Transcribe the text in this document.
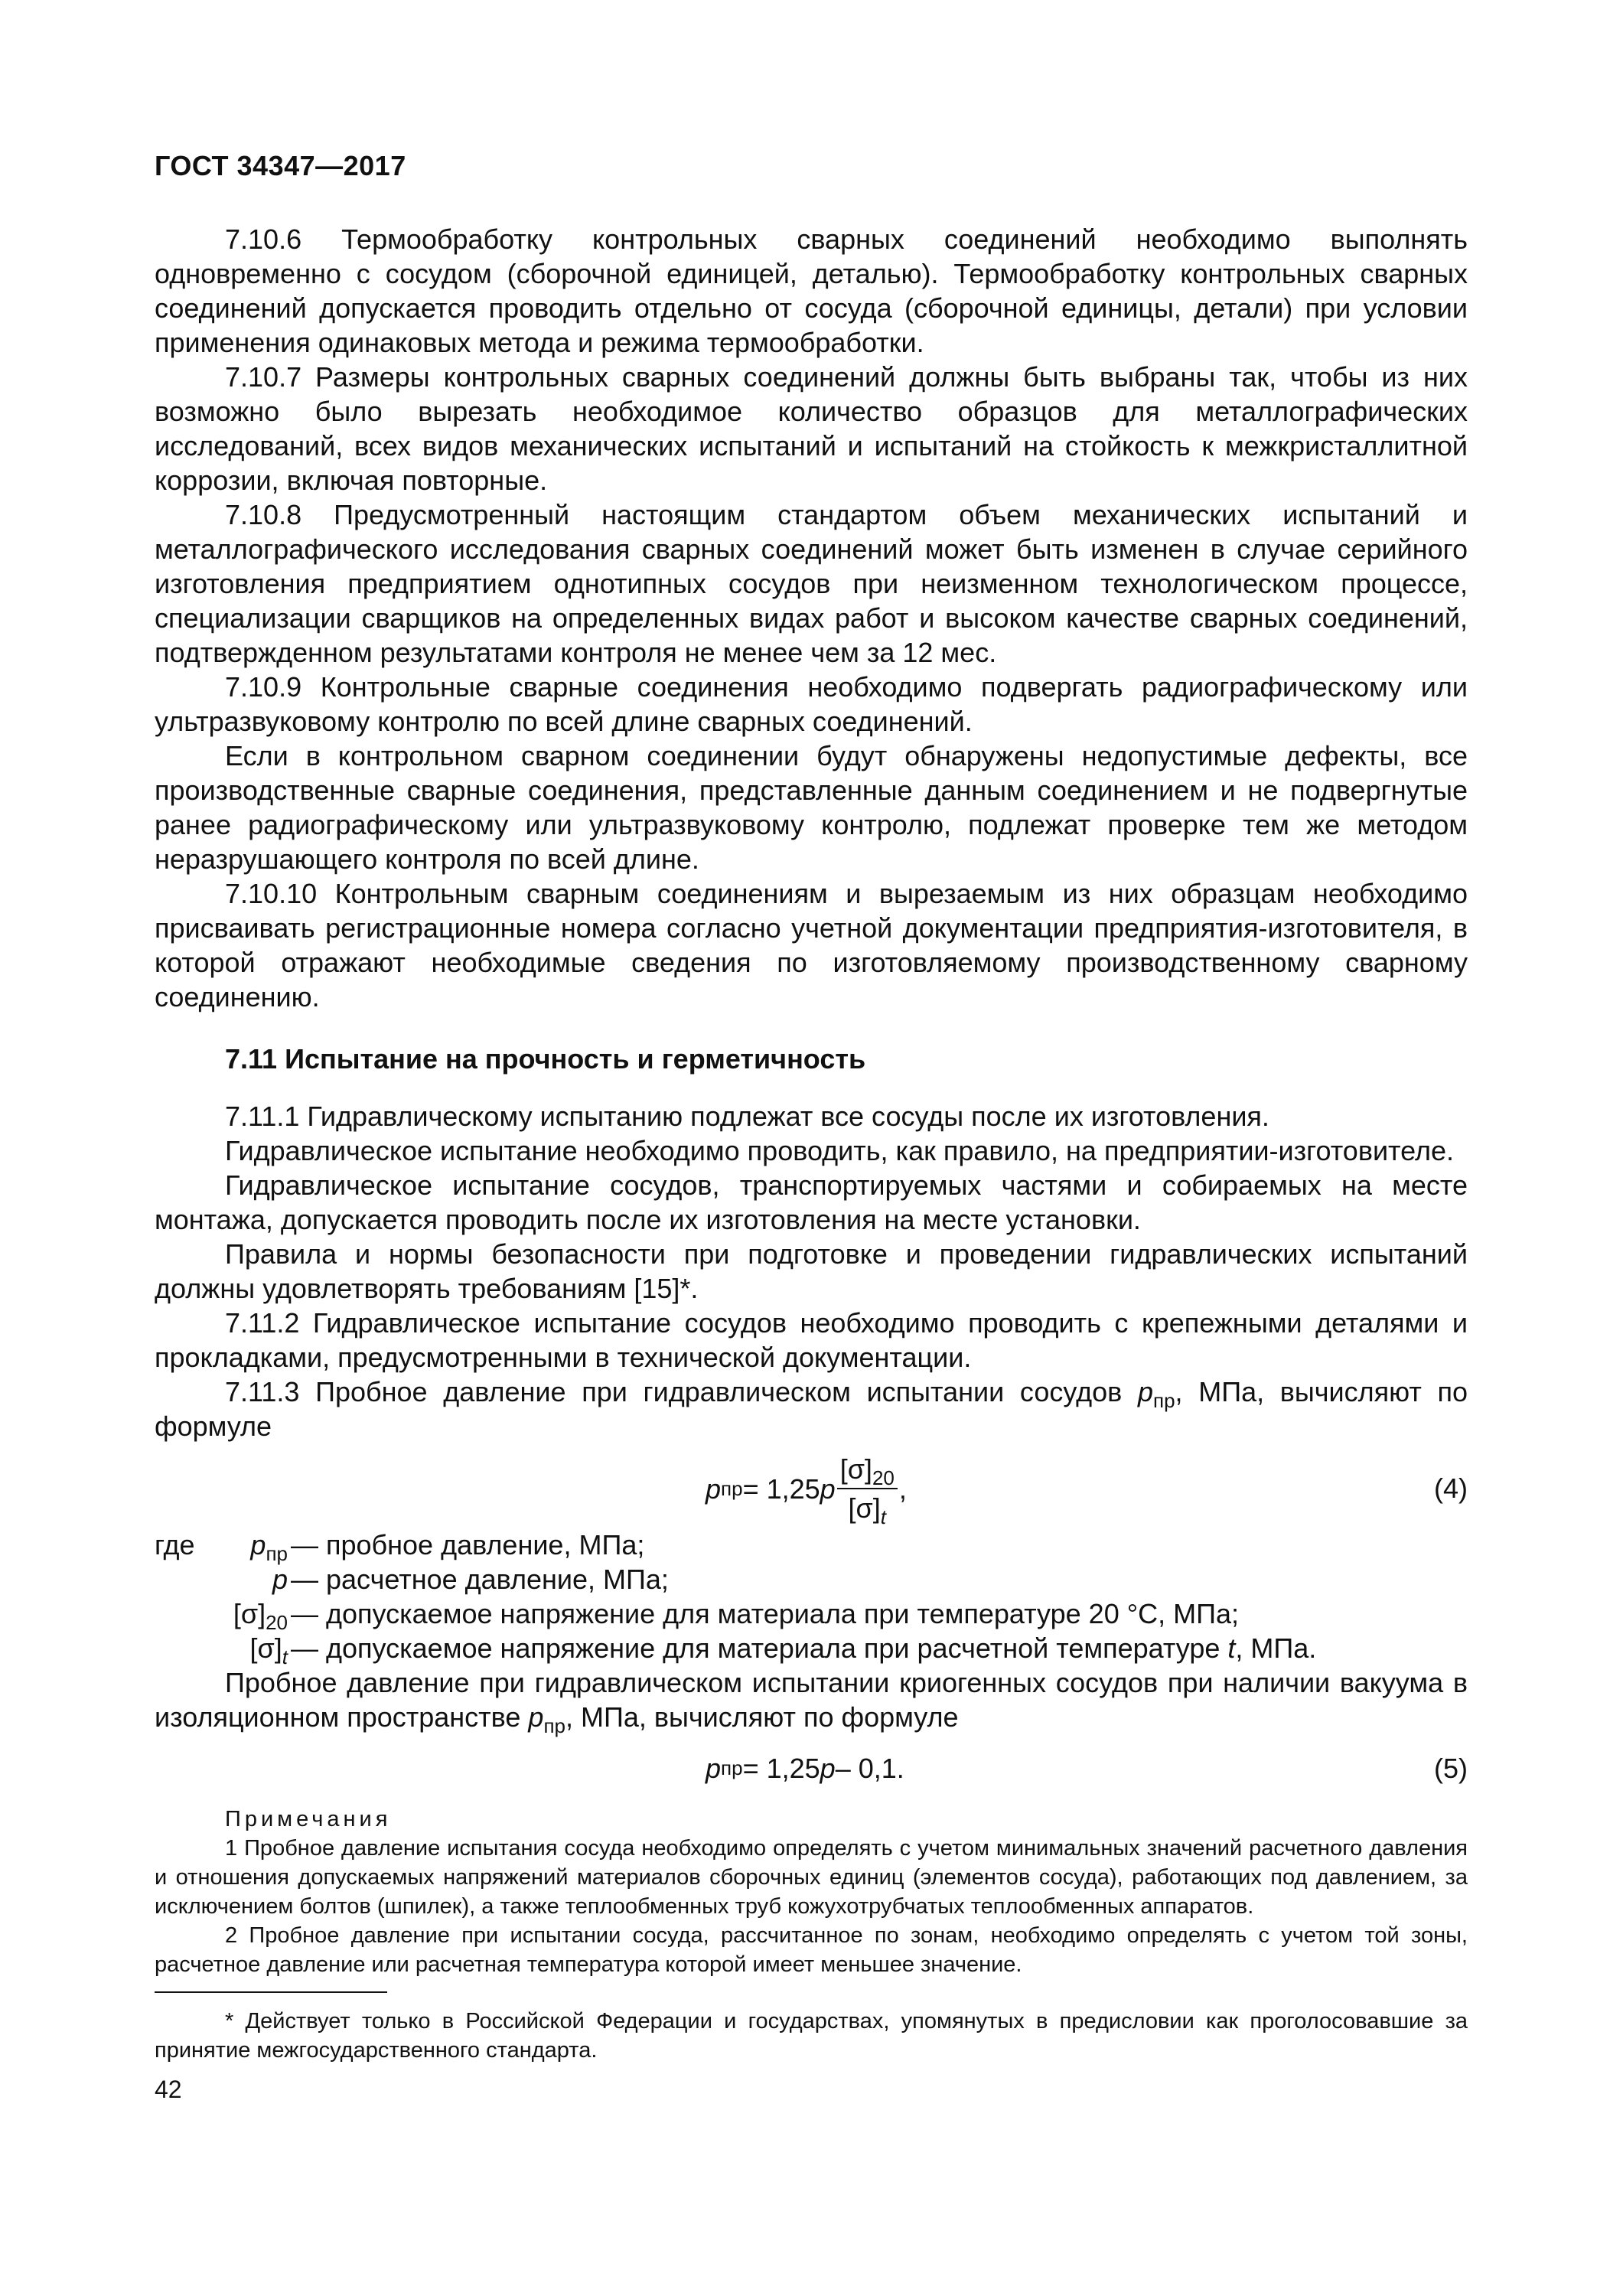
ГОСТ 34347—2017

7.10.6 Термообработку контрольных сварных соединений необходимо выполнять одновременно с сосудом (сборочной единицей, деталью). Термообработку контрольных сварных соединений допускается проводить отдельно от сосуда (сборочной единицы, детали) при условии применения одинаковых метода и режима термообработки.

7.10.7 Размеры контрольных сварных соединений должны быть выбраны так, чтобы из них возможно было вырезать необходимое количество образцов для металлографических исследований, всех видов механических испытаний и испытаний на стойкость к межкристаллитной коррозии, включая повторные.

7.10.8 Предусмотренный настоящим стандартом объем механических испытаний и металлографического исследования сварных соединений может быть изменен в случае серийного изготовления предприятием однотипных сосудов при неизменном технологическом процессе, специализации сварщиков на определенных видах работ и высоком качестве сварных соединений, подтвержденном результатами контроля не менее чем за 12 мес.

7.10.9 Контрольные сварные соединения необходимо подвергать радиографическому или ультразвуковому контролю по всей длине сварных соединений.

Если в контрольном сварном соединении будут обнаружены недопустимые дефекты, все производственные сварные соединения, представленные данным соединением и не подвергнутые ранее радиографическому или ультразвуковому контролю, подлежат проверке тем же методом неразрушающего контроля по всей длине.

7.10.10 Контрольным сварным соединениям и вырезаемым из них образцам необходимо присваивать регистрационные номера согласно учетной документации предприятия-изготовителя, в которой отражают необходимые сведения по изготовляемому производственному сварному соединению.

7.11 Испытание на прочность и герметичность

7.11.1 Гидравлическому испытанию подлежат все сосуды после их изготовления.

Гидравлическое испытание необходимо проводить, как правило, на предприятии-изготовителе.

Гидравлическое испытание сосудов, транспортируемых частями и собираемых на месте монтажа, допускается проводить после их изготовления на месте установки.

Правила и нормы безопасности при подготовке и проведении гидравлических испытаний должны удовлетворять требованиям [15]*.

7.11.2 Гидравлическое испытание сосудов необходимо проводить с крепежными деталями и прокладками, предусмотренными в технической документации.

7.11.3 Пробное давление при гидравлическом испытании сосудов $p_{пр}$, МПа, вычисляют по формуле

p пр = 1,25 p $\frac{[\sigma]_{20}}{[\sigma]_t}$ ,	(4)
где $p_{пр}$ — пробное давление, МПа;
p — расчетное давление, МПа;
$[\sigma]_{20}$ — допускаемое напряжение для материала при температуре 20 °С, МПа;
$[\sigma]_t$ — допускаемое напряжение для материала при расчетной температуре t, МПа.

Пробное давление при гидравлическом испытании криогенных сосудов при наличии вакуума в изоляционном пространстве $p_{пр}$, МПа, вычисляют по формуле

p пр = 1,25 p – 0,1.	(5)

Примечания

1 Пробное давление испытания сосуда необходимо определять с учетом минимальных значений расчетного давления и отношения допускаемых напряжений материалов сборочных единиц (элементов сосуда), работающих под давлением, за исключением болтов (шпилек), а также теплообменных труб кожухотрубчатых теплообменных аппаратов.

2 Пробное давление при испытании сосуда, рассчитанное по зонам, необходимо определять с учетом той зоны, расчетное давление или расчетная температура которой имеет меньшее значение.

* Действует только в Российской Федерации и государствах, упомянутых в предисловии как проголосовавшие за принятие межгосударственного стандарта.
42
